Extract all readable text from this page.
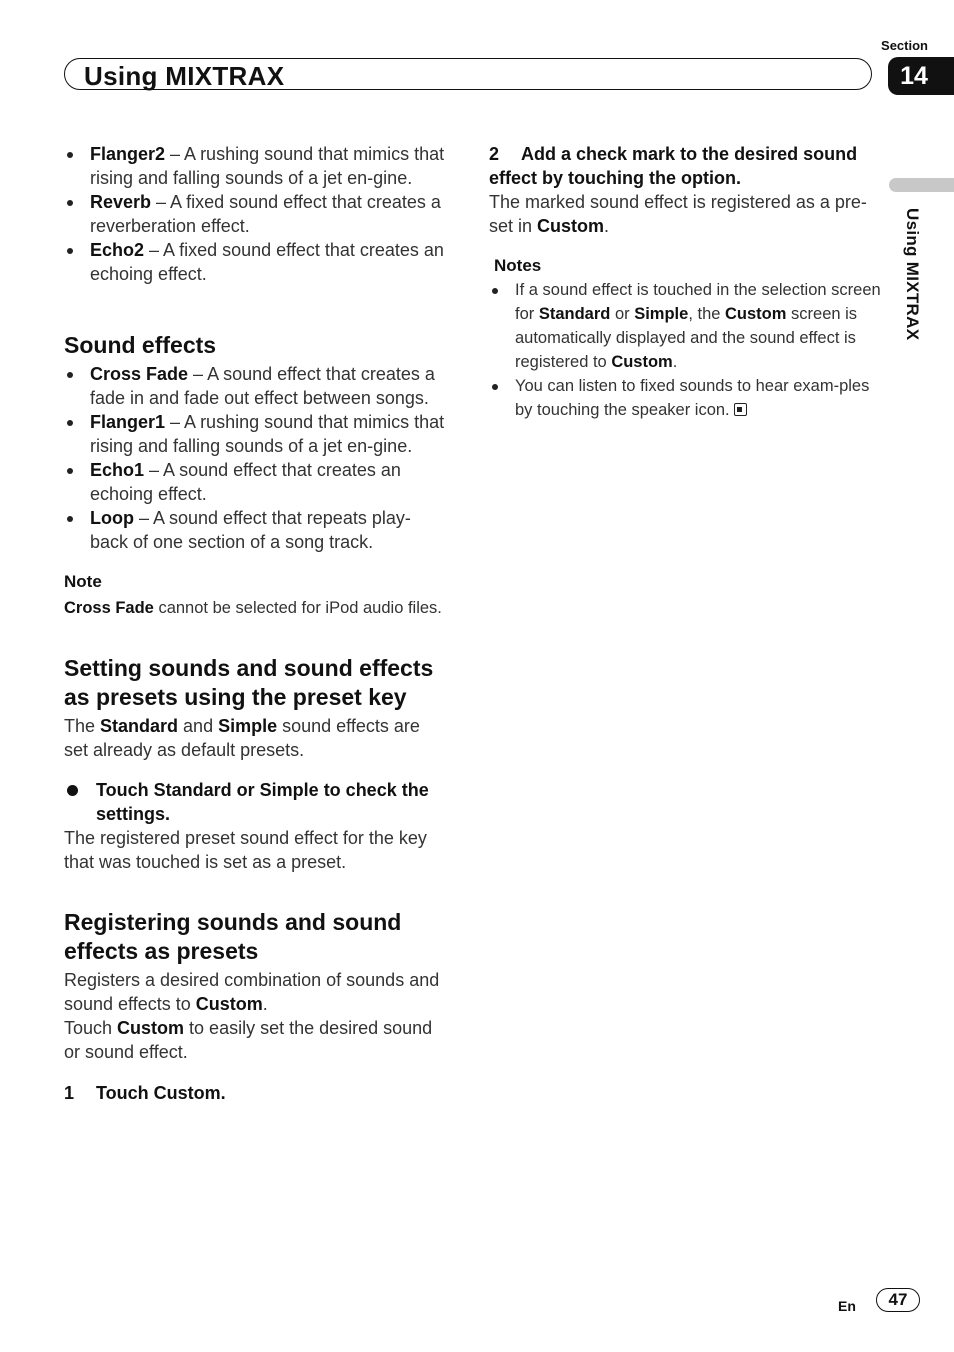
Section
Using MIXTRAX	14
Using MIXTRAX
Flanger2 – A rushing sound that mimics that rising and falling sounds of a jet en-gine.
Reverb – A fixed sound effect that creates a reverberation effect.
Echo2 – A fixed sound effect that creates an echoing effect.
Sound effects
Cross Fade – A sound effect that creates a fade in and fade out effect between songs.
Flanger1 – A rushing sound that mimics that rising and falling sounds of a jet en-gine.
Echo1 – A sound effect that creates an echoing effect.
Loop – A sound effect that repeats play-back of one section of a song track.
Note
Cross Fade cannot be selected for iPod audio files.
Setting sounds and sound effects as presets using the preset key
The Standard and Simple sound effects are set already as default presets.
Touch Standard or Simple to check the settings.
The registered preset sound effect for the key that was touched is set as a preset.
Registering sounds and sound effects as presets
Registers a desired combination of sounds and sound effects to Custom.
Touch Custom to easily set the desired sound or sound effect.
1 Touch Custom.
2 Add a check mark to the desired sound effect by touching the option.
The marked sound effect is registered as a pre-set in Custom.
Notes
If a sound effect is touched in the selection screen for Standard or Simple, the Custom screen is automatically displayed and the sound effect is registered to Custom.
You can listen to fixed sounds to hear exam-ples by touching the speaker icon.
En	47
